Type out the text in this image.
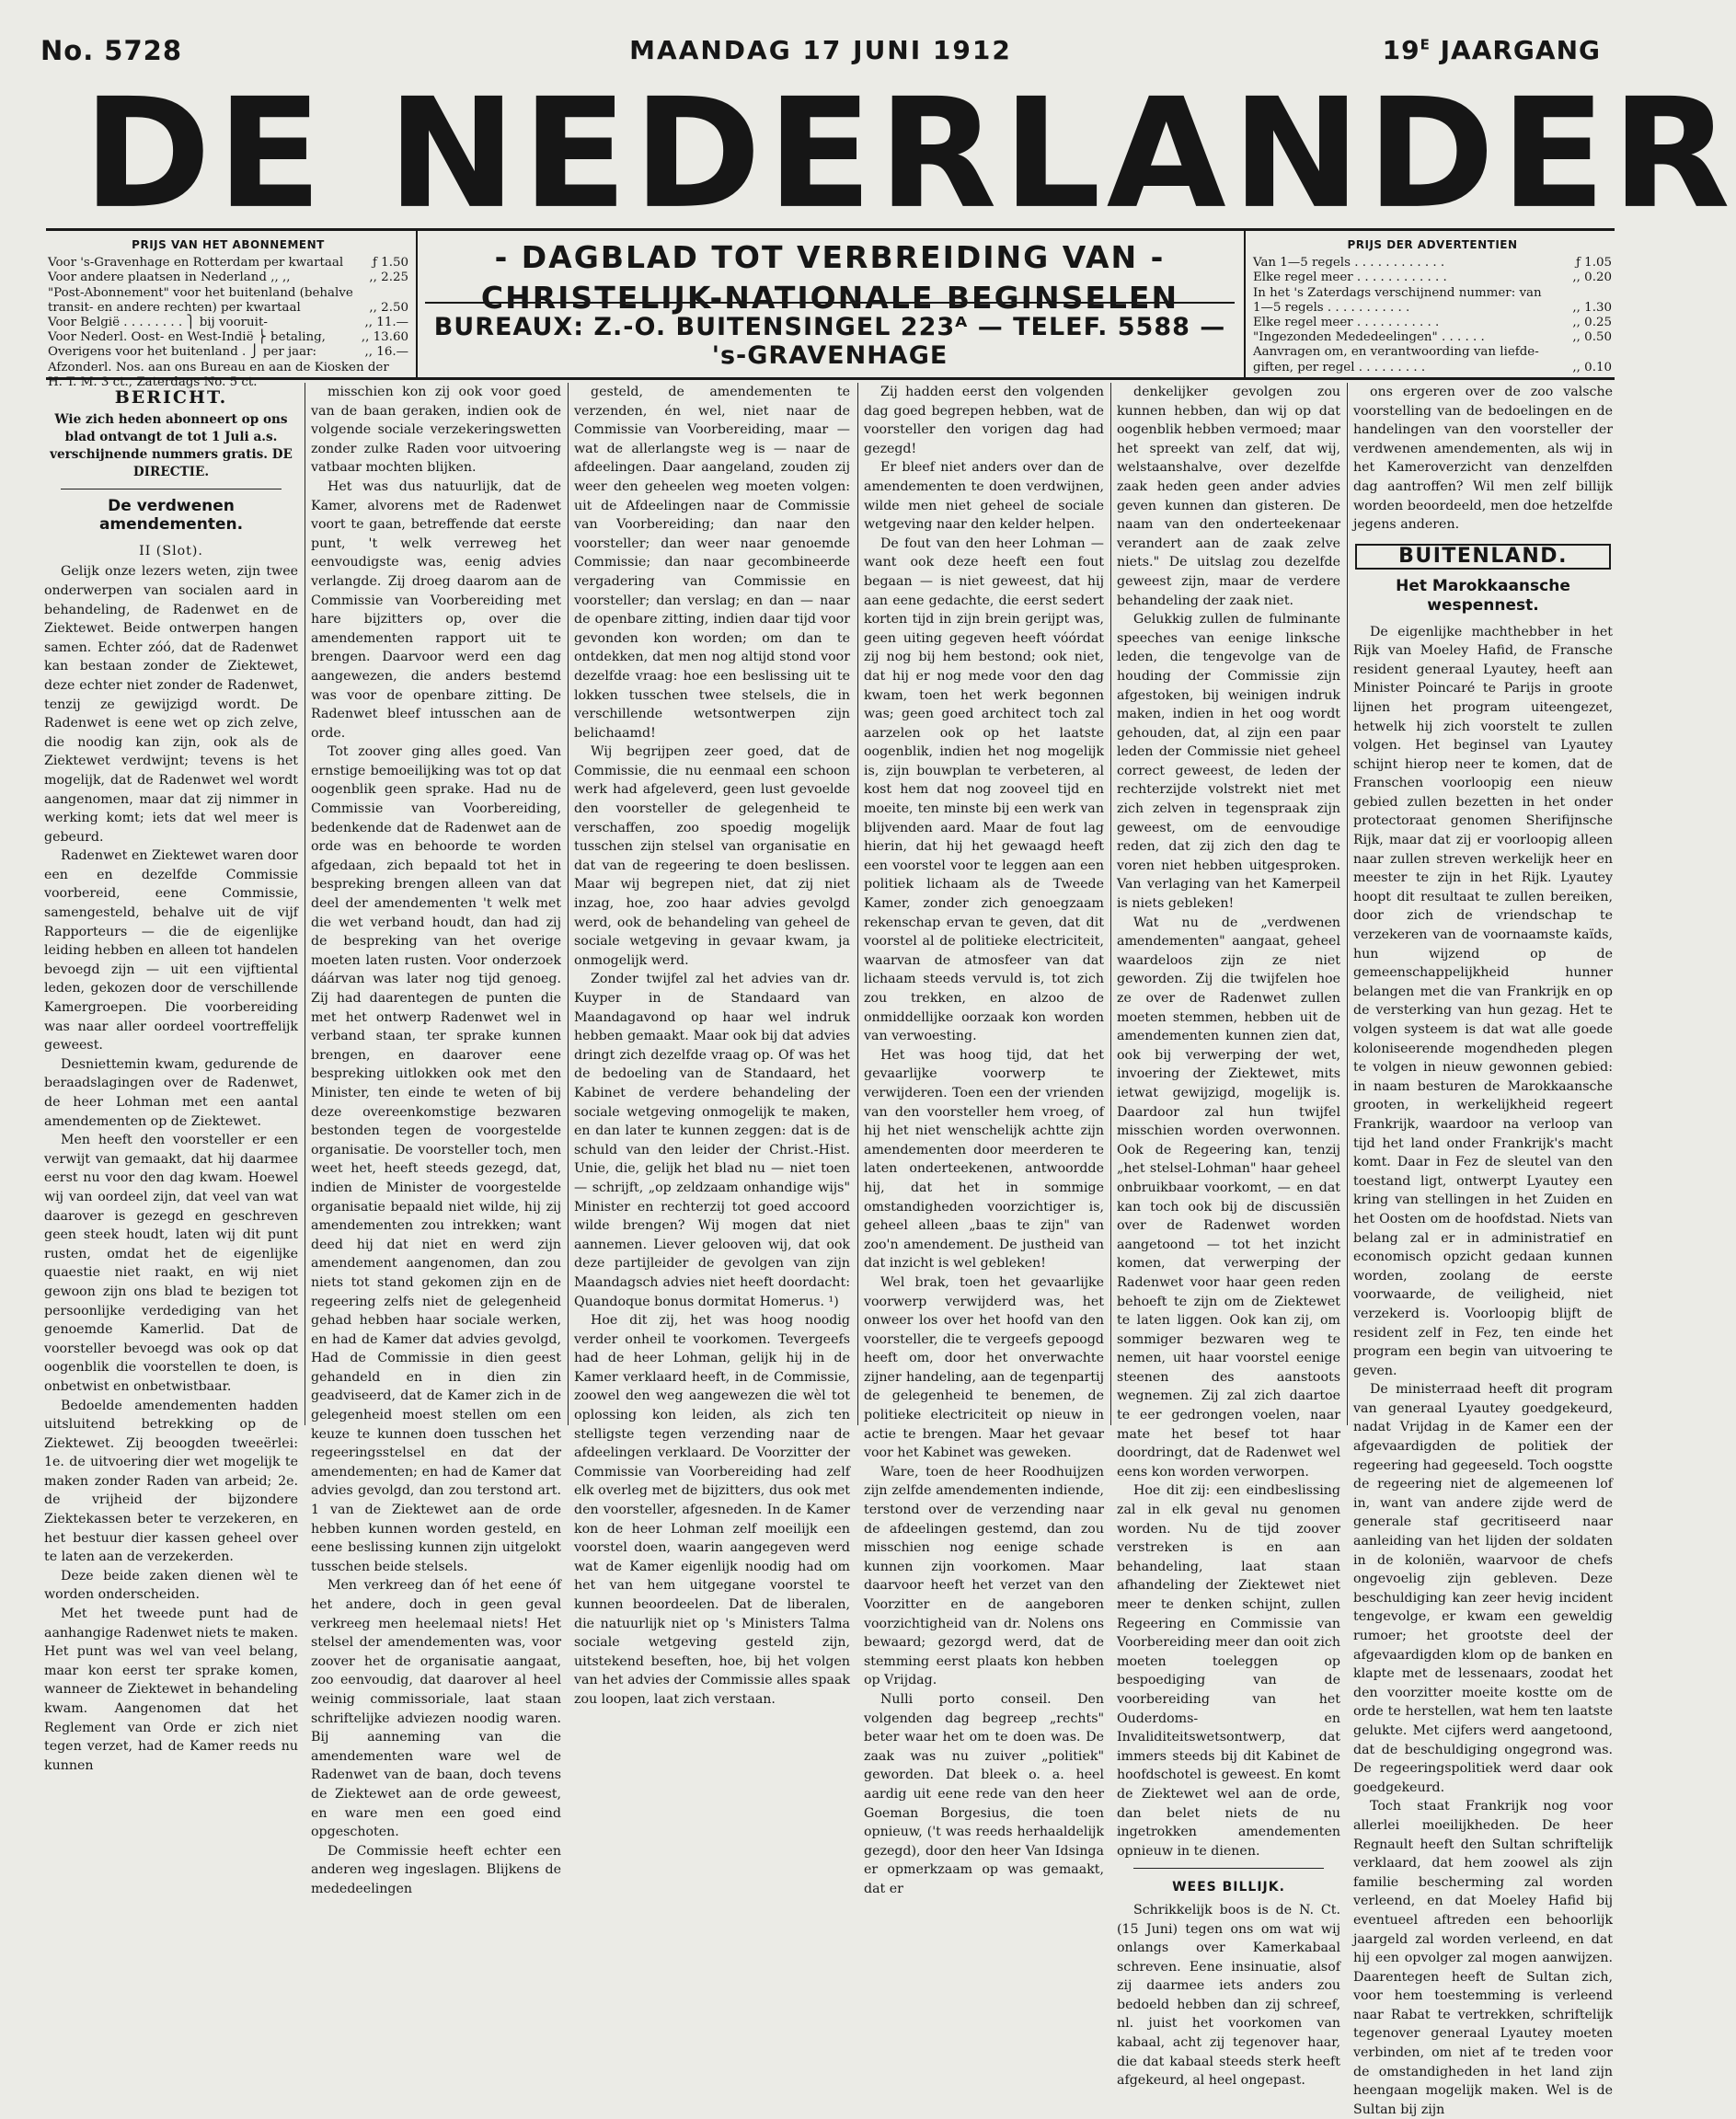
No. 5728	MAANDAG 17 JUNI 1912	$19^E$ JAARGANG
DE NEDERLANDER
PRIJS VAN HET ABONNEMENT
Voor 's-Gravenhage en Rotterdam per kwartaal	ƒ 1.50
Voor andere plaatsen in Nederland ,, ,,	,, 2.25
"Post-Abonnement" voor het buitenland (behalve
transit- en andere rechten) per kwartaal	,, 2.50
Voor België . . . . . . . . ⎫ bij vooruit-	,, 11.—
Voor Nederl. Oost- en West-Indië ⎬ betaling,	,, 13.60
Overigens voor het buitenland . ⎭ per jaar:	,, 16.—
Afzonderl. Nos. aan ons Bureau en aan de Kiosken der
H. T. M. 3 ct., Zaterdags No. 5 ct.
- DAGBLAD TOT VERBREIDING VAN -
CHRISTELIJK-NATIONALE BEGINSELEN
BUREAUX: Z.-O. BUITENSINGEL 223ᴬ — TELEF. 5588 — 's-GRAVENHAGE
PRIJS DER ADVERTENTIEN
Van 1—5 regels . . . . . . . . . . . .	ƒ 1.05
Elke regel meer . . . . . . . . . . . .	,, 0.20
In het 's Zaterdags verschijnend nummer: van
1—5 regels . . . . . . . . . . .	,, 1.30
Elke regel meer . . . . . . . . . . .	,, 0.25
"Ingezonden Mededeelingen" . . . . . .	,, 0.50
Aanvragen om, en verantwoording van liefde-
giften, per regel . . . . . . . . .	,, 0.10
BERICHT.
Wie zich heden abonneert op ons blad ontvangt de tot 1 Juli a.s. verschijnende nummers gratis. DE DIRECTIE.
De verdwenen amendementen.
II (Slot).

Gelijk onze lezers weten, zijn twee onderwerpen van socialen aard in behandeling, de Radenwet en de Ziektewet. Beide ontwerpen hangen samen. Echter zóó, dat de Radenwet kan bestaan zonder de Ziektewet, deze echter niet zonder de Radenwet, tenzij ze gewijzigd wordt. De Radenwet is eene wet op zich zelve, die noodig kan zijn, ook als de Ziektewet verdwijnt; tevens is het mogelijk, dat de Radenwet wel wordt aangenomen, maar dat zij nimmer in werking komt; iets dat wel meer is gebeurd.

Radenwet en Ziektewet waren door een en dezelfde Commissie voorbereid, eene Commissie, samengesteld, behalve uit de vijf Rapporteurs — die de eigenlijke leiding hebben en alleen tot handelen bevoegd zijn — uit een vijftiental leden, gekozen door de verschillende Kamergroepen. Die voorbereiding was naar aller oordeel voortreffelijk geweest.

Desniettemin kwam, gedurende de beraadslagingen over de Radenwet, de heer Lohman met een aantal amendementen op de Ziektewet.

Men heeft den voorsteller er een verwijt van gemaakt, dat hij daarmee eerst nu voor den dag kwam. Hoewel wij van oordeel zijn, dat veel van wat daarover is gezegd en geschreven geen steek houdt, laten wij dit punt rusten, omdat het de eigenlijke quaestie niet raakt, en wij niet gewoon zijn ons blad te bezigen tot persoonlijke verdediging van het genoemde Kamerlid. Dat de voorsteller bevoegd was ook op dat oogenblik die voorstellen te doen, is onbetwist en onbetwistbaar.

Bedoelde amendementen hadden uitsluitend betrekking op de Ziektewet. Zij beoogden tweeërlei: 1e. de uitvoering dier wet mogelijk te maken zonder Raden van arbeid; 2e. de vrijheid der bijzondere Ziektekassen beter te verzekeren, en het bestuur dier kassen geheel over te laten aan de verzekerden.

Deze beide zaken dienen wèl te worden onderscheiden.

Met het tweede punt had de aanhangige Radenwet niets te maken. Het punt was wel van veel belang, maar kon eerst ter sprake komen, wanneer de Ziektewet in behandeling kwam. Aangenomen dat het Reglement van Orde er zich niet tegen verzet, had de Kamer reeds nu kunnen

misschien kon zij ook voor goed van de baan geraken, indien ook de volgende sociale verzekeringswetten zonder zulke Raden voor uitvoering vatbaar mochten blijken.

Het was dus natuurlijk, dat de Kamer, alvorens met de Radenwet voort te gaan, betreffende dat eerste punt, 't welk verreweg het eenvoudigste was, eenig advies verlangde. Zij droeg daarom aan de Commissie van Voorbereiding met hare bijzitters op, over die amendementen rapport uit te brengen. Daarvoor werd een dag aangewezen, die anders bestemd was voor de openbare zitting. De Radenwet bleef intusschen aan de orde.

Tot zoover ging alles goed. Van ernstige bemoeilijking was tot op dat oogenblik geen sprake. Had nu de Commissie van Voorbereiding, bedenkende dat de Radenwet aan de orde was en behoorde te worden afgedaan, zich bepaald tot het in bespreking brengen alleen van dat deel der amendementen 't welk met die wet verband houdt, dan had zij de bespreking van het overige moeten laten rusten. Voor onderzoek dáárvan was later nog tijd genoeg. Zij had daarentegen de punten die met het ontwerp Radenwet wel in verband staan, ter sprake kunnen brengen, en daarover eene bespreking uitlokken ook met den Minister, ten einde te weten of bij deze overeenkomstige bezwaren bestonden tegen de voorgestelde organisatie. De voorsteller toch, men weet het, heeft steeds gezegd, dat, indien de Minister de voorgestelde organisatie bepaald niet wilde, hij zij amendementen zou intrekken; want deed hij dat niet en werd zijn amendement aangenomen, dan zou niets tot stand gekomen zijn en de regeering zelfs niet de gelegenheid gehad hebben haar sociale werken, en had de Kamer dat advies gevolgd, Had de Commissie in dien geest gehandeld en in dien zin geadviseerd, dat de Kamer zich in de gelegenheid moest stellen om een keuze te kunnen doen tusschen het regeeringsstelsel en dat der amendementen; en had de Kamer dat advies gevolgd, dan zou terstond art. 1 van de Ziektewet aan de orde hebben kunnen worden gesteld, en eene beslissing kunnen zijn uitgelokt tusschen beide stelsels.

Men verkreeg dan óf het eene óf het andere, doch in geen geval verkreeg men heelemaal niets! Het stelsel der amendementen was, voor zoover het de organisatie aangaat, zoo eenvoudig, dat daarover al heel weinig commissoriale, laat staan schriftelijke adviezen noodig waren. Bij aanneming van die amendementen ware wel de Radenwet van de baan, doch tevens de Ziektewet aan de orde geweest, en ware men een goed eind opgeschoten.

De Commissie heeft echter een anderen weg ingeslagen. Blijkens de mededeelingen

gesteld, de amendementen te verzenden, én wel, niet naar de Commissie van Voorbereiding, maar — wat de allerlangste weg is — naar de afdeelingen. Daar aangeland, zouden zij weer den geheelen weg moeten volgen: uit de Afdeelingen naar de Commissie van Voorbereiding; dan naar den voorsteller; dan weer naar genoemde Commissie; dan naar gecombineerde vergadering van Commissie en voorsteller; dan verslag; en dan — naar de openbare zitting, indien daar tijd voor gevonden kon worden; om dan te ontdekken, dat men nog altijd stond voor dezelfde vraag: hoe een beslissing uit te lokken tusschen twee stelsels, die in verschillende wetsontwerpen zijn belichaamd!

Wij begrijpen zeer goed, dat de Commissie, die nu eenmaal een schoon werk had afgeleverd, geen lust gevoelde den voorsteller de gelegenheid te verschaffen, zoo spoedig mogelijk tusschen zijn stelsel van organisatie en dat van de regeering te doen beslissen. Maar wij begrepen niet, dat zij niet inzag, hoe, zoo haar advies gevolgd werd, ook de behandeling van geheel de sociale wetgeving in gevaar kwam, ja onmogelijk werd.

Zonder twijfel zal het advies van dr. Kuyper in de Standaard van Maandagavond op haar wel indruk hebben gemaakt. Maar ook bij dat advies dringt zich dezelfde vraag op. Of was het de bedoeling van de Standaard, het Kabinet de verdere behandeling der sociale wetgeving onmogelijk te maken, en dan later te kunnen zeggen: dat is de schuld van den leider der Christ.-Hist. Unie, die, gelijk het blad nu — niet toen — schrijft, „op zeldzaam onhandige wijs" Minister en rechterzij tot goed accoord wilde brengen? Wij mogen dat niet aannemen. Liever gelooven wij, dat ook deze partijleider de gevolgen van zijn Maandagsch advies niet heeft doordacht: Quandoque bonus dormitat Homerus. ¹)

Hoe dit zij, het was hoog noodig verder onheil te voorkomen. Tevergeefs had de heer Lohman, gelijk hij in de Kamer verklaard heeft, in de Commissie, zoowel den weg aangewezen die wèl tot oplossing kon leiden, als zich ten stelligste tegen verzending naar de afdeelingen verklaard. De Voorzitter der Commissie van Voorbereiding had zelf elk overleg met de bijzitters, dus ook met den voorsteller, afgesneden. In de Kamer kon de heer Lohman zelf moeilijk een voorstel doen, waarin aangegeven werd wat de Kamer eigenlijk noodig had om het van hem uitgegane voorstel te kunnen beoordeelen. Dat de liberalen, die natuurlijk niet op 's Ministers Talma sociale wetgeving gesteld zijn, uitstekend beseften, hoe, bij het volgen van het advies der Commissie alles spaak zou loopen, laat zich verstaan.

Zij hadden eerst den volgenden dag goed begrepen hebben, wat de voorsteller den vorigen dag had gezegd!

Er bleef niet anders over dan de amendementen te doen verdwijnen, wilde men niet geheel de sociale wetgeving naar den kelder helpen.

De fout van den heer Lohman — want ook deze heeft een fout begaan — is niet geweest, dat hij aan eene gedachte, die eerst sedert korten tijd in zijn brein gerijpt was, geen uiting gegeven heeft vóórdat zij nog bij hem bestond; ook niet, dat hij er nog mede voor den dag kwam, toen het werk begonnen was; geen goed architect toch zal aarzelen ook op het laatste oogenblik, indien het nog mogelijk is, zijn bouwplan te verbeteren, al kost hem dat nog zooveel tijd en moeite, ten minste bij een werk van blijvenden aard. Maar de fout lag hierin, dat hij het gewaagd heeft een voorstel voor te leggen aan een politiek lichaam als de Tweede Kamer, zonder zich genoegzaam rekenschap ervan te geven, dat dit voorstel al de politieke electriciteit, waarvan de atmosfeer van dat lichaam steeds vervuld is, tot zich zou trekken, en alzoo de onmiddellijke oorzaak kon worden van verwoesting.

Het was hoog tijd, dat het gevaarlijke voorwerp te verwijderen. Toen een der vrienden van den voorsteller hem vroeg, of hij het niet wenschelijk achtte zijn amendementen door meerderen te laten onderteekenen, antwoordde hij, dat het in sommige omstandigheden voorzichtiger is, geheel alleen „baas te zijn" van zoo'n amendement. De justheid van dat inzicht is wel gebleken!

Wel brak, toen het gevaarlijke voorwerp verwijderd was, het onweer los over het hoofd van den voorsteller, die te vergeefs gepoogd heeft om, door het onverwachte zijner handeling, aan de tegenpartij de gelegenheid te benemen, de politieke electriciteit op nieuw in actie te brengen. Maar het gevaar voor het Kabinet was geweken.

Ware, toen de heer Roodhuijzen zijn zelfde amendementen indiende, terstond over de verzending naar de afdeelingen gestemd, dan zou misschien nog eenige schade kunnen zijn voorkomen. Maar daarvoor heeft het verzet van den Voorzitter en de aangeboren voorzichtigheid van dr. Nolens ons bewaard; gezorgd werd, dat de stemming eerst plaats kon hebben op Vrijdag.

Nulli porto conseil. Den volgenden dag begreep „rechts" beter waar het om te doen was. De zaak was nu zuiver „politiek" geworden. Dat bleek o. a. heel aardig uit eene rede van den heer Goeman Borgesius, die toen opnieuw, ('t was reeds herhaaldelijk gezegd), door den heer Van Idsinga er opmerkzaam op was gemaakt, dat er

denkelijker gevolgen zou kunnen hebben, dan wij op dat oogenblik hebben vermoed; maar het spreekt van zelf, dat wij, welstaanshalve, over dezelfde zaak heden geen ander advies geven kunnen dan gisteren. De naam van den onderteekenaar verandert aan de zaak zelve niets." De uitslag zou dezelfde geweest zijn, maar de verdere behandeling der zaak niet.

Gelukkig zullen de fulminante speeches van eenige linksche leden, die tengevolge van de houding der Commissie zijn afgestoken, bij weinigen indruk maken, indien in het oog wordt gehouden, dat, al zijn een paar leden der Commissie niet geheel correct geweest, de leden der rechterzijde volstrekt niet met zich zelven in tegenspraak zijn geweest, om de eenvoudige reden, dat zij zich den dag te voren niet hebben uitgesproken. Van verlaging van het Kamerpeil is niets gebleken!

Wat nu de „verdwenen amendementen" aangaat, geheel waardeloos zijn ze niet geworden. Zij die twijfelen hoe ze over de Radenwet zullen moeten stemmen, hebben uit de amendementen kunnen zien dat, ook bij verwerping der wet, invoering der Ziektewet, mits ietwat gewijzigd, mogelijk is. Daardoor zal hun twijfel misschien worden overwonnen. Ook de Regeering kan, tenzij „het stelsel-Lohman" haar geheel onbruikbaar voorkomt, — en dat kan toch ook bij de discussiën over de Radenwet worden aangetoond — tot het inzicht komen, dat verwerping der Radenwet voor haar geen reden behoeft te zijn om de Ziektewet te laten liggen. Ook kan zij, om sommiger bezwaren weg te nemen, uit haar voorstel eenige steenen des aanstoots wegnemen. Zij zal zich daartoe te eer gedrongen voelen, naar mate het besef tot haar doordringt, dat de Radenwet wel eens kon worden verworpen.

Hoe dit zij: een eindbeslissing zal in elk geval nu genomen worden. Nu de tijd zoover verstreken is en aan behandeling, laat staan afhandeling der Ziektewet niet meer te denken schijnt, zullen Regeering en Commissie van Voorbereiding meer dan ooit zich moeten toeleggen op bespoediging van de voorbereiding van het Ouderdoms- en Invaliditeitswetsontwerp, dat immers steeds bij dit Kabinet de hoofdschotel is geweest. En komt de Ziektewet wel aan de orde, dan belet niets de nu ingetrokken amendementen opnieuw in te dienen.

WEES BILLIJK.

Schrikkelijk boos is de N. Ct. (15 Juni) tegen ons om wat wij onlangs over Kamerkabaal schreven. Eene insinuatie, alsof zij daarmee iets anders zou bedoeld hebben dan zij schreef, nl. juist het voorkomen van kabaal, acht zij tegenover haar, die dat kabaal steeds sterk heeft afgekeurd, al heel ongepast.

ons ergeren over de zoo valsche voorstelling van de bedoelingen en de handelingen van den voorsteller der verdwenen amendementen, als wij in het Kameroverzicht van denzelfden dag aantroffen? Wil men zelf billijk worden beoordeeld, men doe hetzelfde jegens anderen.

BUITENLAND.
Het Marokkaansche wespennest.

De eigenlijke machthebber in het Rijk van Moeley Hafid, de Fransche resident generaal Lyautey, heeft aan Minister Poincaré te Parijs in groote lijnen het program uiteengezet, hetwelk hij zich voorstelt te zullen volgen. Het beginsel van Lyautey schijnt hierop neer te komen, dat de Franschen voorloopig een nieuw gebied zullen bezetten in het onder protectoraat genomen Sherifijnsche Rijk, maar dat zij er voorloopig alleen naar zullen streven werkelijk heer en meester te zijn in het Rijk. Lyautey hoopt dit resultaat te zullen bereiken, door zich de vriendschap te verzekeren van de voornaamste kaïds, hun wijzend op de gemeenschappelijkheid hunner belangen met die van Frankrijk en op de versterking van hun gezag. Het te volgen systeem is dat wat alle goede koloniseerende mogendheden plegen te volgen in nieuw gewonnen gebied: in naam besturen de Marokkaansche grooten, in werkelijkheid regeert Frankrijk, waardoor na verloop van tijd het land onder Frankrijk's macht komt. Daar in Fez de sleutel van den toestand ligt, ontwerpt Lyautey een kring van stellingen in het Zuiden en het Oosten om de hoofdstad. Niets van belang zal er in administratief en economisch opzicht gedaan kunnen worden, zoolang de eerste voorwaarde, de veiligheid, niet verzekerd is. Voorloopig blijft de resident zelf in Fez, ten einde het program een begin van uitvoering te geven.

De ministerraad heeft dit program van generaal Lyautey goedgekeurd, nadat Vrijdag in de Kamer een der afgevaardigden de politiek der regeering had gegeeseld. Toch oogstte de regeering niet de algemeenen lof in, want van andere zijde werd de generale staf gecritiseerd naar aanleiding van het lijden der soldaten in de koloniën, waarvoor de chefs ongevoelig zijn gebleven. Deze beschuldiging kan zeer hevig incident tengevolge, er kwam een geweldig rumoer; het grootste deel der afgevaardigden klom op de banken en klapte met de lessenaars, zoodat het den voorzitter moeite kostte om de orde te herstellen, wat hem ten laatste gelukte. Met cijfers werd aangetoond, dat de beschuldiging ongegrond was. De regeeringspolitiek werd daar ook goedgekeurd.

Toch staat Frankrijk nog voor allerlei moeilijkheden. De heer Regnault heeft den Sultan schriftelijk verklaard, dat hem zoowel als zijn familie bescherming zal worden verleend, en dat Moeley Hafid bij eventueel aftreden een behoorlijk jaargeld zal worden verleend, en dat hij een opvolger zal mogen aanwijzen. Daarentegen heeft de Sultan zich, voor hem toestemming is verleend naar Rabat te vertrekken, schriftelijk tegenover generaal Lyautey moeten verbinden, om niet af te treden voor de omstandigheden in het land zijn heengaan mogelijk maken. Wel is de Sultan bij zijn
